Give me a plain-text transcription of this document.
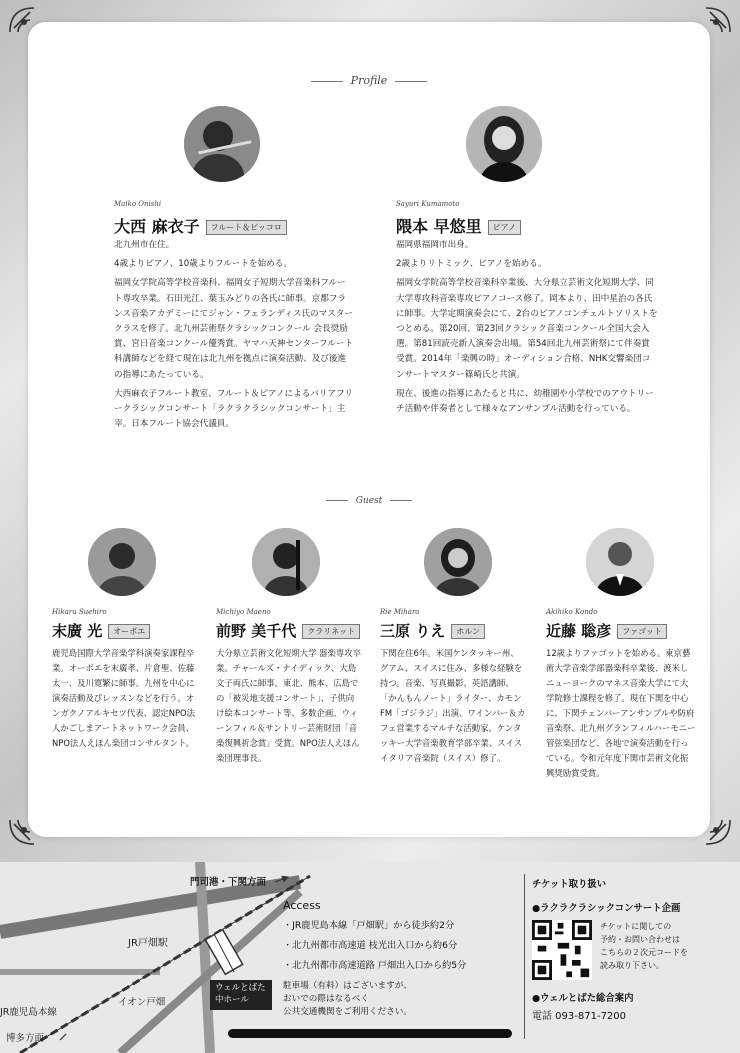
Profile
Maiko Onishi
大西 麻衣子 フルート＆ピッコロ

北九州市在住。

4歳よりピアノ、10歳よりフルートを始める。

福岡女学院高等学校音楽科、福岡女子短期大学音楽科フルート専攻卒業。石田光江、葉玉みどりの各氏に師事。京都フランス音楽アカデミーにてジャン・フェランディス氏のマスタークラスを修了。北九州芸術祭クラシックコンクール 会長奨励賞、宮日音楽コンクール優秀賞。ヤマハ天神センターフルート科講師などを経て現在は北九州を拠点に演奏活動、及び後進の指導にあたっている。

大西麻衣子フルート教室、フルート＆ピアノによるバリアフリークラシックコンサート「ラクラクラシックコンサート」主宰。日本フルート協会代議員。

Sayuri Kumamoto
隈本 早悠里 ピアノ

福岡県福岡市出身。

2歳よりリトミック、ピアノを始める。

福岡女学院高等学校音楽科卒業後、大分県立芸術文化短期大学、同大学専攻科音楽専攻ピアノコース修了。岡本より、田中星治の各氏に師事。大学定期演奏会にて、2台のピアノコンチェルトソリストをつとめる。第20回、第23回クラシック音楽コンクール全国大会入選。第81回読売新人演奏会出場。第54回北九州芸術祭にて伴奏賞受賞。2014年「楽興の時」オーディション合格、NHK交響楽団コンサートマスター篠崎氏と共演。

現在、後進の指導にあたると共に、幼稚園や小学校でのアウトリーチ活動や伴奏者として様々なアンサンブル活動を行っている。

Guest
Hikaru Suehiro
末廣 光 オーボエ
鹿児島国際大学音楽学科演奏家課程卒業。オーボエを末廣孝、片倉聖、佐藤太一、及川寛繁に師事。九州を中心に演奏活動及びレッスンなどを行う。オンガクノアルキセツ代表、認定NPO法人かごしまアートネットワーク会員、NPO法人えほん楽団コンサルタント。
Michiyo Maeno
前野 美千代 クラリネット
大分県立芸術文化短期大学 器楽専攻卒業。チャールズ・ナイディック、大島文子両氏に師事。東北、熊本、広島での「被災地支援コンサート」、子供向け絵本コンサート等、多数企画。ウィーンフィル＆サントリー芸術財団「音楽復興祈念賞」受賞。NPO法人えほん楽団理事長。
Rie Mihara
三原 りえ ホルン
下関在住6年。米国ケンタッキー州、グアム、スイスに住み、多様な経験を持つ。音楽、写真撮影、英語講師、「かんもんノート」ライター、カモンFM「ゴジラジ」出演、ワインバー＆カフェ営業するマルチな活動家。ケンタッキー大学音楽教育学部卒業、スイスイタリア音楽院（スイス）修了。
Akihiko Kondo
近藤 聡彦 ファゴット
12歳よりファゴットを始める。東京藝術大学音楽学部器楽科卒業後、渡米しニューヨークのマネス音楽大学にて大学院修士課程を修了。現在下関を中心に、下関チェンバーアンサンブルや防府音楽祭、北九州グランフィルハーモニー管弦楽団など、各地で演奏活動を行っている。令和元年度下関市芸術文化振興奨励賞受賞。
門司港・下関方面
JR戸畑駅
JR鹿児島本線
イオン戸畑
ウェルとばた
中ホール
博多方面
Access
・JR鹿児島本線「戸畑駅」から徒歩約2分
・北九州都市高速道 枝光出入口から約6分
・北九州都市高速道路 戸畑出入口から約5分
駐車場（有料）はございますが、
おいでの際はなるべく
公共交通機関をご利用ください。
チケット取り扱い
●ラクラクラシックコンサート企画
チケットに関しての
予約・お問い合わせは
こちらの２次元コードを
読み取り下さい。
●ウェルとばた総合案内
電話 093-871-7200
